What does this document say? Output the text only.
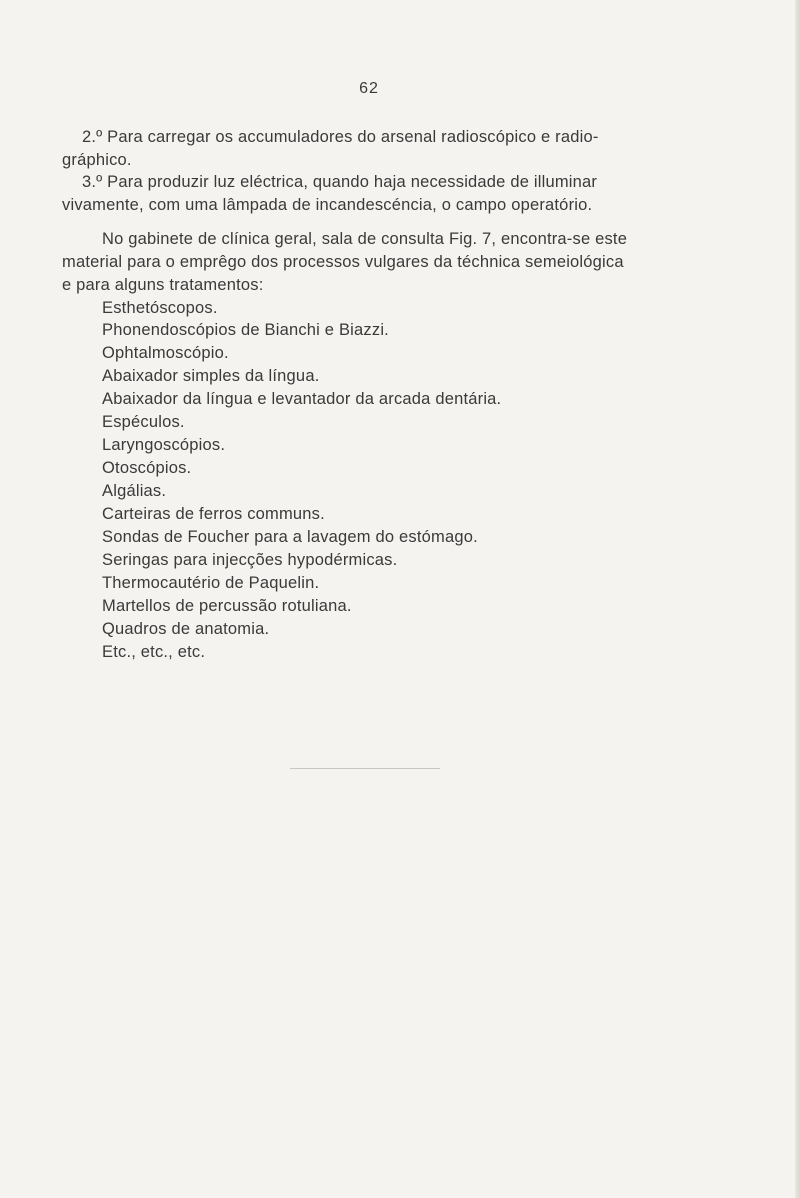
62
2.º Para carregar os accumuladores do arsenal radioscópico e radio-
gráphico.
3.º Para produzir luz eléctrica, quando haja necessidade de illuminar
vivamente, com uma lâmpada de incandescéncia, o campo operatório.
No gabinete de clínica geral, sala de consulta Fig. 7, encontra-se este
material para o emprêgo dos processos vulgares da téchnica semeiológica
e para alguns tratamentos:
Esthetóscopos.
Phonendoscópios de Bianchi e Biazzi.
Ophtalmoscópio.
Abaixador simples da língua.
Abaixador da língua e levantador da arcada dentária.
Espéculos.
Laryngoscópios.
Otoscópios.
Algálias.
Carteiras de ferros communs.
Sondas de Foucher para a lavagem do estómago.
Seringas para injecções hypodérmicas.
Thermocautério de Paquelin.
Martellos de percussão rotuliana.
Quadros de anatomia.
Etc., etc., etc.
